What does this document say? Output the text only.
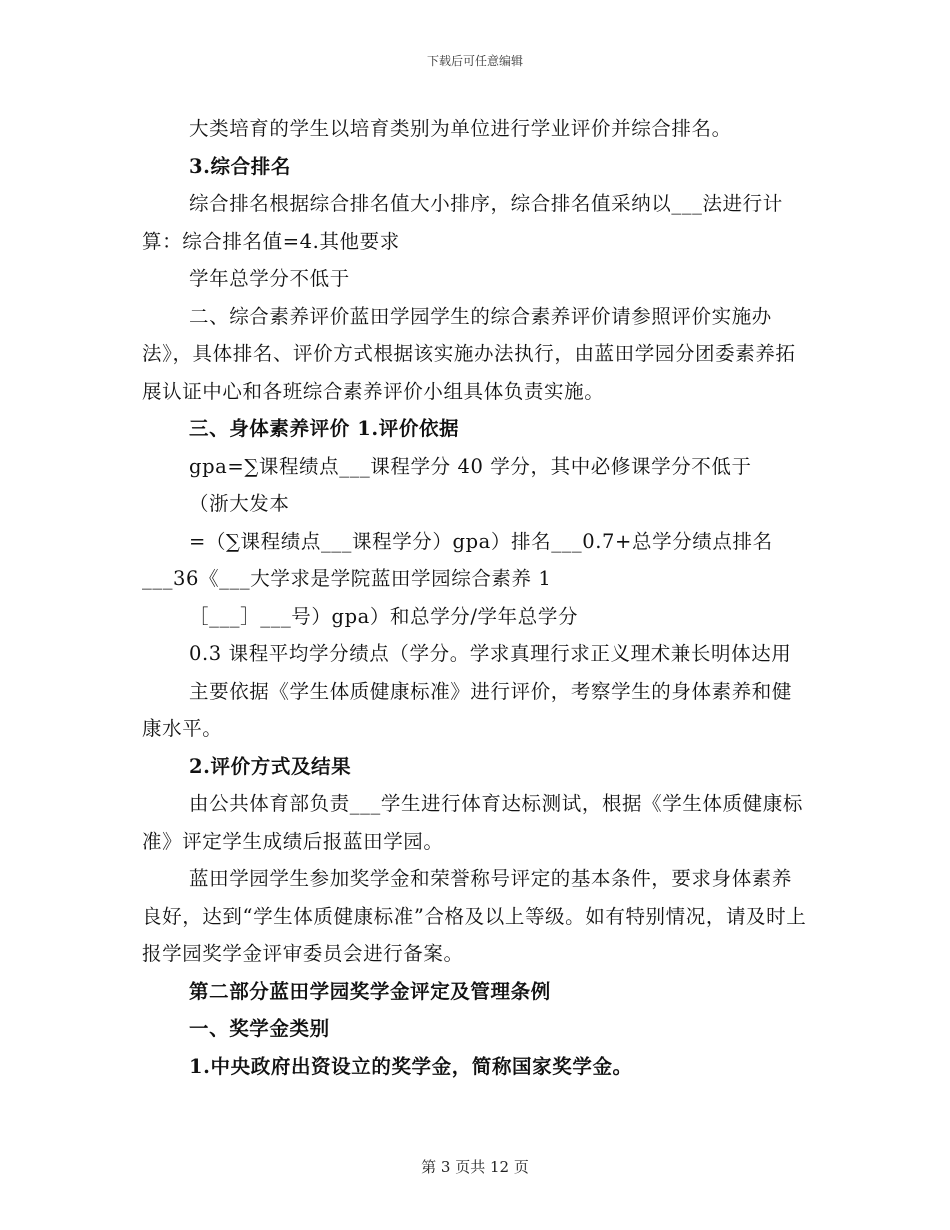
下载后可任意编辑

大类培育的学生以培育类别为单位进行学业评价并综合排名。

3.综合排名

综合排名根据综合排名值大小排序，综合排名值采纳以___法进行计算：综合排名值=4.其他要求

学年总学分不低于

二、综合素养评价蓝田学园学生的综合素养评价请参照评价实施办法》，具体排名、评价方式根据该实施办法执行，由蓝田学园分团委素养拓展认证中心和各班综合素养评价小组具体负责实施。

三、身体素养评价 1.评价依据

gpa=∑课程绩点___课程学分 40 学分，其中必修课学分不低于

（浙大发本

=（∑课程绩点___课程学分）gpa）排名___0.7+总学分绩点排名___36《___大学求是学院蓝田学园综合素养 1

［___］___号）gpa）和总学分/学年总学分

0.3 课程平均学分绩点（学分。学求真理行求正义理术兼长明体达用

主要依据《学生体质健康标准》进行评价，考察学生的身体素养和健康水平。

2.评价方式及结果

由公共体育部负责___学生进行体育达标测试，根据《学生体质健康标准》评定学生成绩后报蓝田学园。

蓝田学园学生参加奖学金和荣誉称号评定的基本条件，要求身体素养良好，达到“学生体质健康标准”合格及以上等级。如有特别情况，请及时上报学园奖学金评审委员会进行备案。

第二部分蓝田学园奖学金评定及管理条例

一、奖学金类别

1.中央政府出资设立的奖学金，简称国家奖学金。

第 3 页共 12 页
